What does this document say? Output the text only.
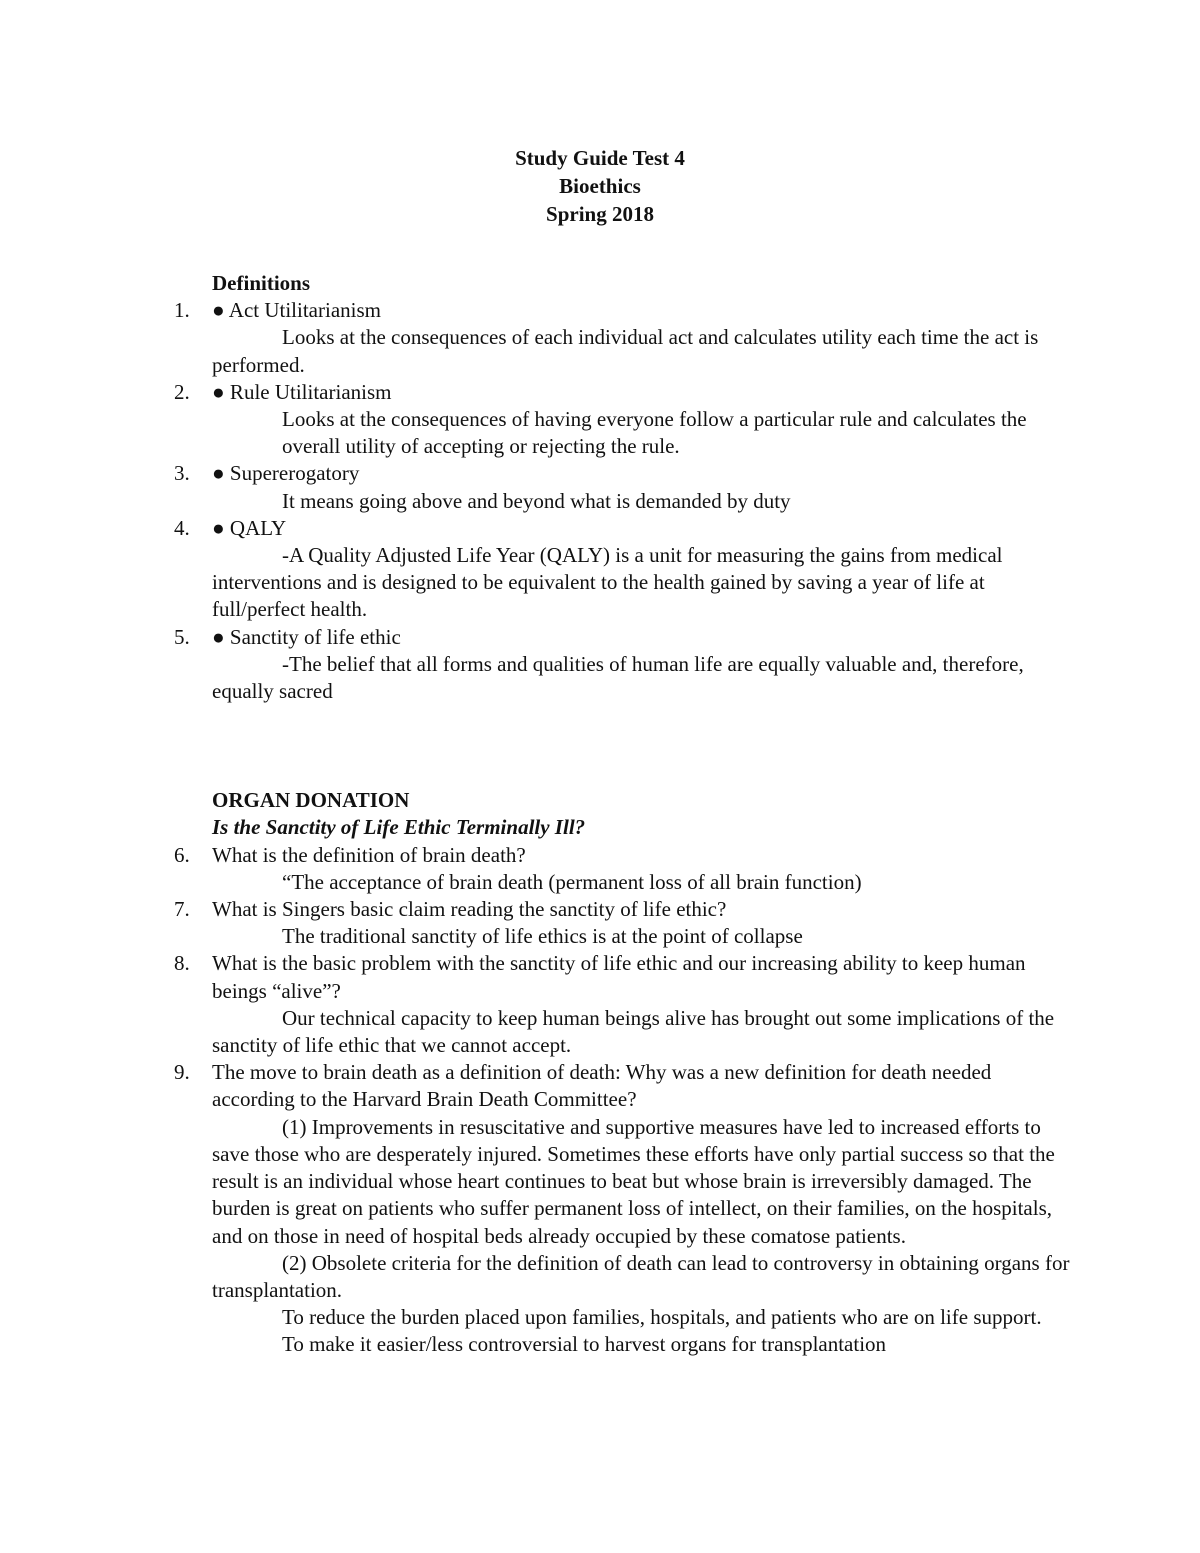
Study Guide Test 4
Bioethics
Spring 2018
Definitions
1. ● Act Utilitarianism
Looks at the consequences of each individual act and calculates utility each time the act is performed.
2. ● Rule Utilitarianism
Looks at the consequences of having everyone follow a particular rule and calculates the overall utility of accepting or rejecting the rule.
3. ● Supererogatory
It means going above and beyond what is demanded by duty
4. ● QALY
-A Quality Adjusted Life Year (QALY) is a unit for measuring the gains from medical interventions and is designed to be equivalent to the health gained by saving a year of life at full/perfect health.
5. ● Sanctity of life ethic
-The belief that all forms and qualities of human life are equally valuable and, therefore, equally sacred
ORGAN DONATION
Is the Sanctity of Life Ethic Terminally Ill?
6. What is the definition of brain death?
“The acceptance of brain death (permanent loss of all brain function)
7. What is Singers basic claim reading the sanctity of life ethic?
The traditional sanctity of life ethics is at the point of collapse
8. What is the basic problem with the sanctity of life ethic and our increasing ability to keep human beings “alive”?
Our technical capacity to keep human beings alive has brought out some implications of the sanctity of life ethic that we cannot accept.
9. The move to brain death as a definition of death: Why was a new definition for death needed according to the Harvard Brain Death Committee?
(1) Improvements in resuscitative and supportive measures have led to increased efforts to save those who are desperately injured. Sometimes these efforts have only partial success so that the result is an individual whose heart continues to beat but whose brain is irreversibly damaged. The burden is great on patients who suffer permanent loss of intellect, on their families, on the hospitals, and on those in need of hospital beds already occupied by these comatose patients.
(2) Obsolete criteria for the definition of death can lead to controversy in obtaining organs for transplantation.
To reduce the burden placed upon families, hospitals, and patients who are on life support.
To make it easier/less controversial to harvest organs for transplantation
